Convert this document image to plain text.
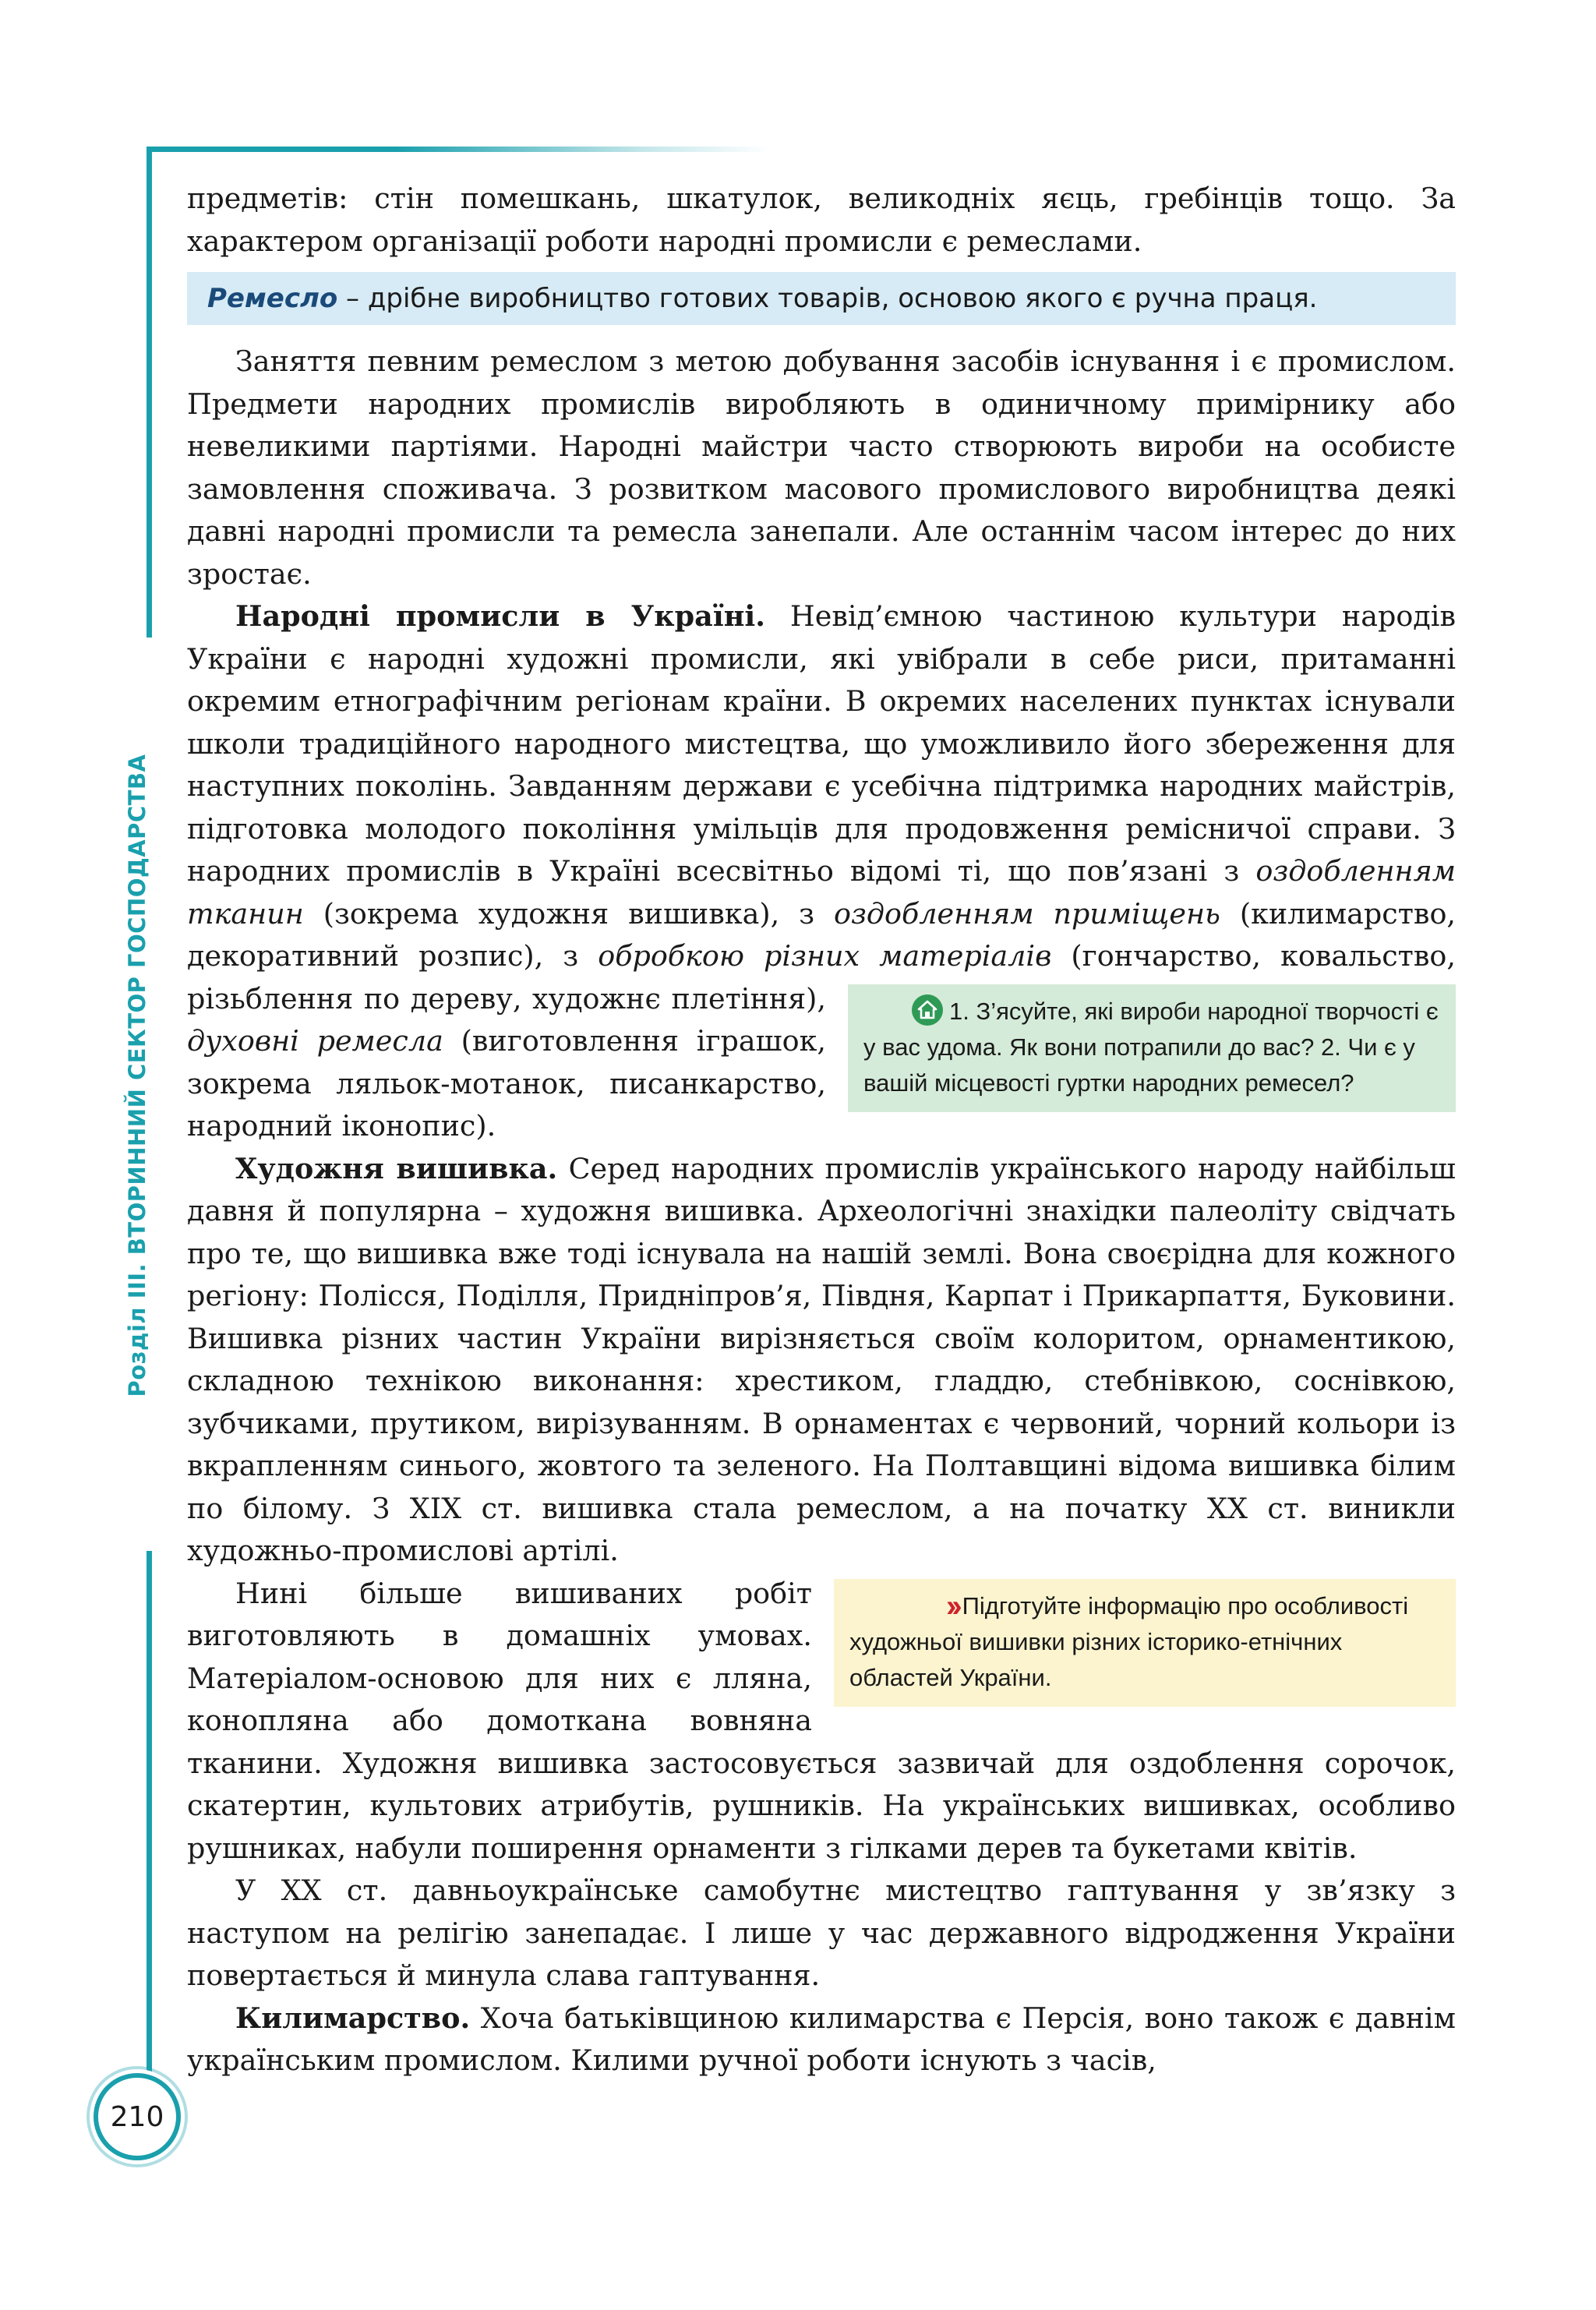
Розділ ІІІ. ВТОРИННИЙ СЕКТОР ГОСПОДАРСТВА

предметів: стін помешкань, шкатулок, великодніх яєць, гребінців тощо. За характером організації роботи народні промисли є ремеслами.

Ремесло – дрібне виробництво готових товарів, основою якого є ручна праця.

Заняття певним ремеслом з метою добування засобів існування і є промислом. Предмети народних промислів виробляють в одиничному примірнику або невеликими партіями. Народні майстри часто створюють вироби на особисте замовлення споживача. З розвитком масового промислового виробництва деякі давні народні промисли та ремесла занепали. Але останнім часом інтерес до них зростає.

Народні промисли в Україні. Невід’ємною частиною культури народів України є народні художні промисли, які увібрали в себе риси, притаманні окремим етнографічним регіонам країни. В окремих населених пунктах існували школи традиційного народного мистецтва, що уможливило його збереження для наступних поколінь. Завданням держави є усебічна підтримка народних майстрів, підготовка молодого покоління умільців для продовження ремісничої справи. З народних промислів в Україні всесвітньо відомі ті, що пов’язані з оздобленням тканин (зокрема художня вишивка), з оздобленням приміщень (килимарство, декоративний розпис), з обробкою різних матеріалів (гончарство, ковальство, різьблення по дереву, художнє плетіння),	1. З’ясуйте, які вироби народної творчості є у вас удома. Як вони потрапили до вас? 2. Чи є у вашій місцевості гуртки народних ремесел?
духовні ремесла (виготовлення іграшок, зокрема ляльок-мотанок, писанкарство, народний іконопис).

Художня вишивка. Серед народних промислів українського народу найбільш давня й популярна – художня вишивка. Археологічні знахідки палеоліту свідчать про те, що вишивка вже тоді існувала на нашій землі. Вона своєрідна для кожного регіону: Полісся, Поділля, Придніпров’я, Півдня, Карпат і Прикарпаття, Буковини. Вишивка різних частин України вирізняється своїм колоритом, орнаментикою, складною технікою виконання: хрестиком, гладдю, стебнівкою, соснівкою, зубчиками, прутиком, вирізуванням. В орнаментах є червоний, чорний кольори із вкрапленням синього, жовтого та зеленого. На Полтавщині відома вишивка білим по білому. З XIX ст. вишивка стала ремеслом, а на початку XX ст. виникли художньо-промислові артілі.

›› Підготуйте інформацію про особливості художньої вишивки різних історико-етнічних областей України.
Нині більше вишиваних робіт виготовляють в домашніх умовах. Матеріалом-основою для них є лляна, конопляна або домоткана вовняна тканини. Художня вишивка застосовується зазвичай для оздоблення сорочок, скатертин, культових атрибутів, рушників. На українських вишивках, особливо рушниках, набули поширення орнаменти з гілками дерев та букетами квітів.

У XX ст. давньоукраїнське самобутнє мистецтво гаптування у зв’язку з наступом на релігію занепадає. І лише у час державного відродження України повертається й минула слава гаптування.

Килимарство. Хоча батьківщиною килимарства є Персія, воно також є давнім українським промислом. Килими ручної роботи існують з часів,

210
